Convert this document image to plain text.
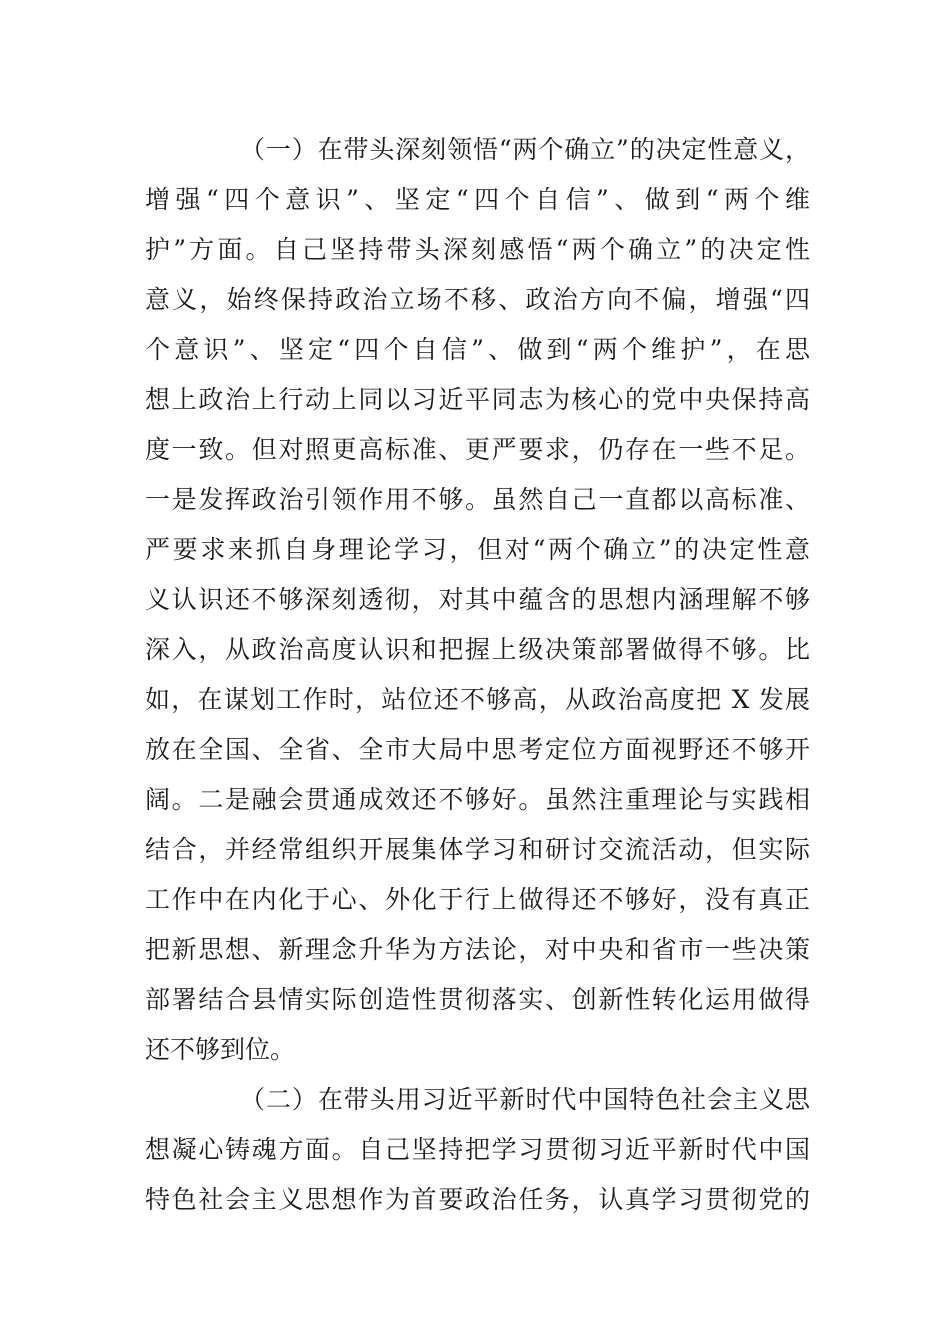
（一）在带头深刻领悟“两个确立”的决定性意义，
增强“四个意识”、坚定“四个自信”、做到“两个维
护”方面。自己坚持带头深刻感悟“两个确立”的决定性
意义，始终保持政治立场不移、政治方向不偏，增强“四
个意识”、坚定“四个自信”、做到“两个维护”，在思
想上政治上行动上同以习近平同志为核心的党中央保持高
度一致。但对照更高标准、更严要求，仍存在一些不足。
一是发挥政治引领作用不够。虽然自己一直都以高标准、
严要求来抓自身理论学习，但对“两个确立”的决定性意
义认识还不够深刻透彻，对其中蕴含的思想内涵理解不够
深入，从政治高度认识和把握上级决策部署做得不够。比
如，在谋划工作时，站位还不够高，从政治高度把 X 发展
放在全国、全省、全市大局中思考定位方面视野还不够开
阔。二是融会贯通成效还不够好。虽然注重理论与实践相
结合，并经常组织开展集体学习和研讨交流活动，但实际
工作中在内化于心、外化于行上做得还不够好，没有真正
把新思想、新理念升华为方法论，对中央和省市一些决策
部署结合县情实际创造性贯彻落实、创新性转化运用做得
还不够到位。
（二）在带头用习近平新时代中国特色社会主义思
想凝心铸魂方面。自己坚持把学习贯彻习近平新时代中国
特色社会主义思想作为首要政治任务，认真学习贯彻党的
